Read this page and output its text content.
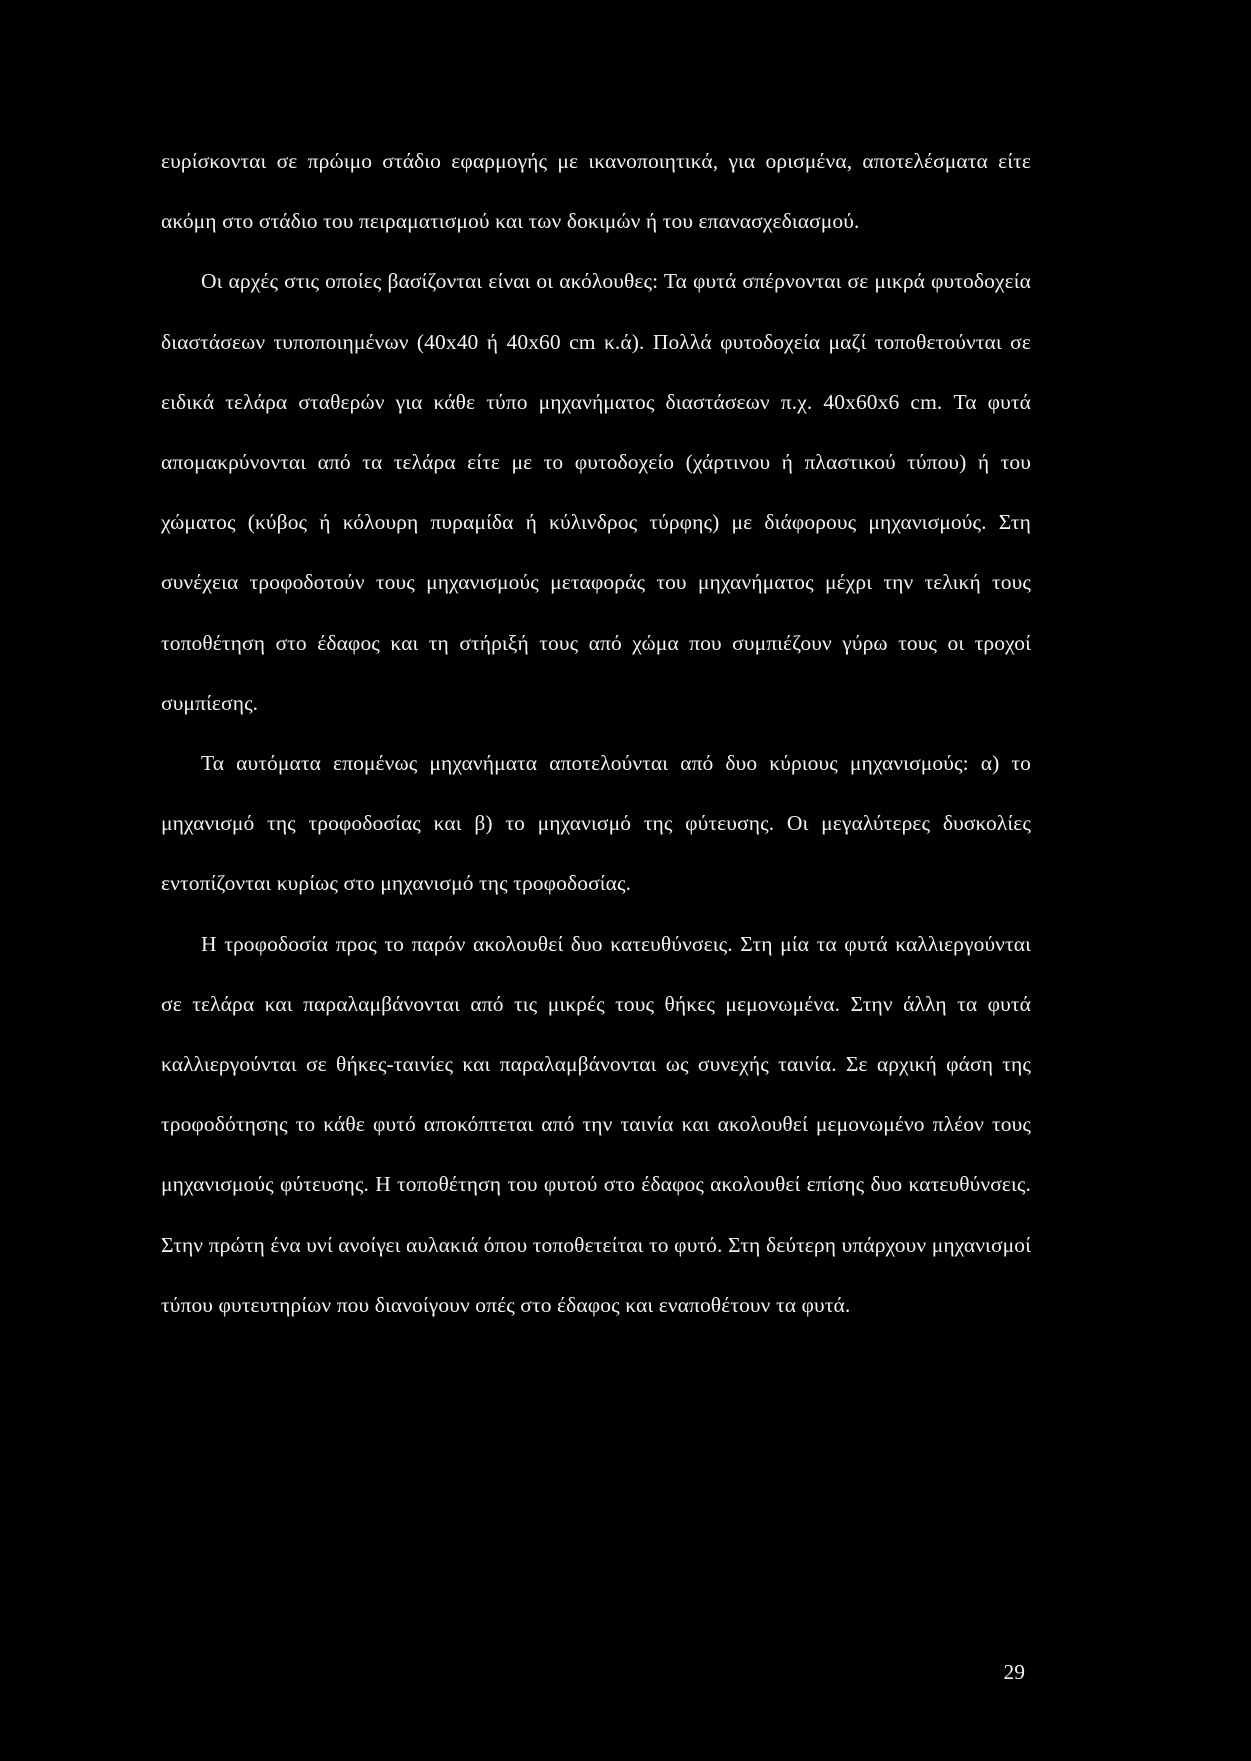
ευρίσκονται σε πρώιμο στάδιο εφαρμογής με ικανοποιητικά, για ορισμένα, αποτελέσματα είτε ακόμη στο στάδιο του πειραματισμού και των δοκιμών ή του επανασχεδιασμού.

Οι αρχές στις οποίες βασίζονται είναι οι ακόλουθες: Τα φυτά σπέρνονται σε μικρά φυτοδοχεία διαστάσεων τυποποιημένων (40x40 ή 40x60 cm κ.ά). Πολλά φυτοδοχεία μαζί τοποθετούνται σε ειδικά τελάρα σταθερών για κάθε τύπο μηχανήματος διαστάσεων π.χ. 40x60x6 cm. Τα φυτά απομακρύνονται από τα τελάρα είτε με το φυτοδοχείο (χάρτινου ή πλαστικού τύπου) ή του χώματος (κύβος ή κόλουρη πυραμίδα ή κύλινδρος τύρφης) με διάφορους μηχανισμούς. Στη συνέχεια τροφοδοτούν τους μηχανισμούς μεταφοράς του μηχανήματος μέχρι την τελική τους τοποθέτηση στο έδαφος και τη στήριξή τους από χώμα που συμπιέζουν γύρω τους οι τροχοί συμπίεσης.

Τα αυτόματα επομένως μηχανήματα αποτελούνται από δυο κύριους μηχανισμούς: α) το μηχανισμό της τροφοδοσίας και β) το μηχανισμό της φύτευσης. Οι μεγαλύτερες δυσκολίες εντοπίζονται κυρίως στο μηχανισμό της τροφοδοσίας.

Η τροφοδοσία προς το παρόν ακολουθεί δυο κατευθύνσεις. Στη μία τα φυτά καλλιεργούνται σε τελάρα και παραλαμβάνονται από τις μικρές τους θήκες μεμονωμένα. Στην άλλη τα φυτά καλλιεργούνται σε θήκες-ταινίες και παραλαμβάνονται ως συνεχής ταινία. Σε αρχική φάση της τροφοδότησης το κάθε φυτό αποκόπτεται από την ταινία και ακολουθεί μεμονωμένο πλέον τους μηχανισμούς φύτευσης. Η τοποθέτηση του φυτού στο έδαφος ακολουθεί επίσης δυο κατευθύνσεις. Στην πρώτη ένα υνί ανοίγει αυλακιά όπου τοποθετείται το φυτό. Στη δεύτερη υπάρχουν μηχανισμοί τύπου φυτευτηρίων που διανοίγουν οπές στο έδαφος και εναποθέτουν τα φυτά.

29
